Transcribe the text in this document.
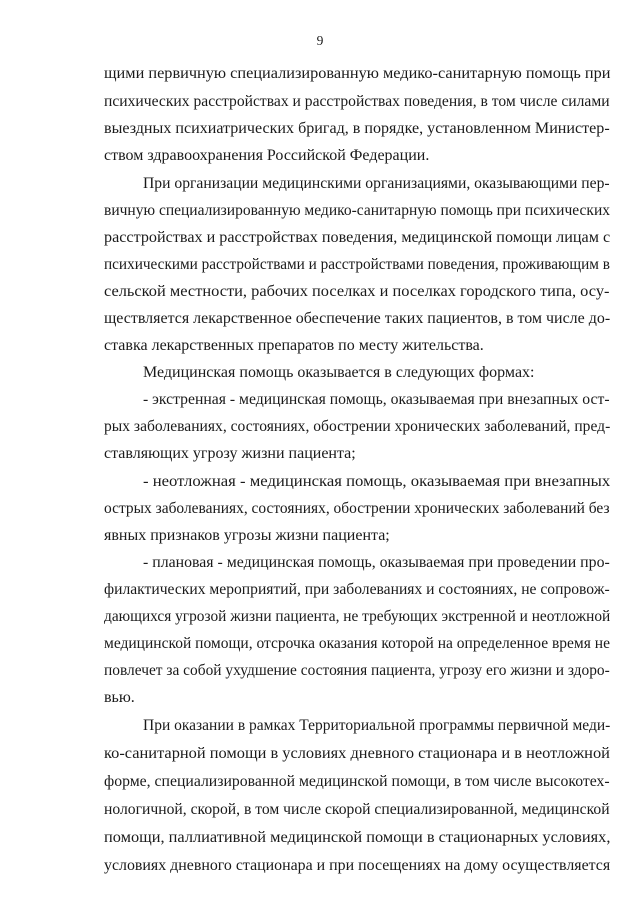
9
щими первичную специализированную медико-санитарную помощь при
психических расстройствах и расстройствах поведения, в том числе силами
выездных психиатрических бригад, в порядке, установленном Министер-
ством здравоохранения Российской Федерации.
При организации медицинскими организациями, оказывающими пер-
вичную специализированную медико-санитарную помощь при психических
расстройствах и расстройствах поведения, медицинской помощи лицам с
психическими расстройствами и расстройствами поведения, проживающим в
сельской местности, рабочих поселках и поселках городского типа, осу-
ществляется лекарственное обеспечение таких пациентов, в том числе до-
ставка лекарственных препаратов по месту жительства.
Медицинская помощь оказывается в следующих формах:
- экстренная - медицинская помощь, оказываемая при внезапных ост-
рых заболеваниях, состояниях, обострении хронических заболеваний, пред-
ставляющих угрозу жизни пациента;
- неотложная - медицинская помощь, оказываемая при внезапных
острых заболеваниях, состояниях, обострении хронических заболеваний без
явных признаков угрозы жизни пациента;
- плановая - медицинская помощь, оказываемая при проведении про-
филактических мероприятий, при заболеваниях и состояниях, не сопровож-
дающихся угрозой жизни пациента, не требующих экстренной и неотложной
медицинской помощи, отсрочка оказания которой на определенное время не
повлечет за собой ухудшение состояния пациента, угрозу его жизни и здоро-
вью.
При оказании в рамках Территориальной программы первичной меди-
ко-санитарной помощи в условиях дневного стационара и в неотложной
форме, специализированной медицинской помощи, в том числе высокотех-
нологичной, скорой, в том числе скорой специализированной, медицинской
помощи, паллиативной медицинской помощи в стационарных условиях,
условиях дневного стационара и при посещениях на дому осуществляется
